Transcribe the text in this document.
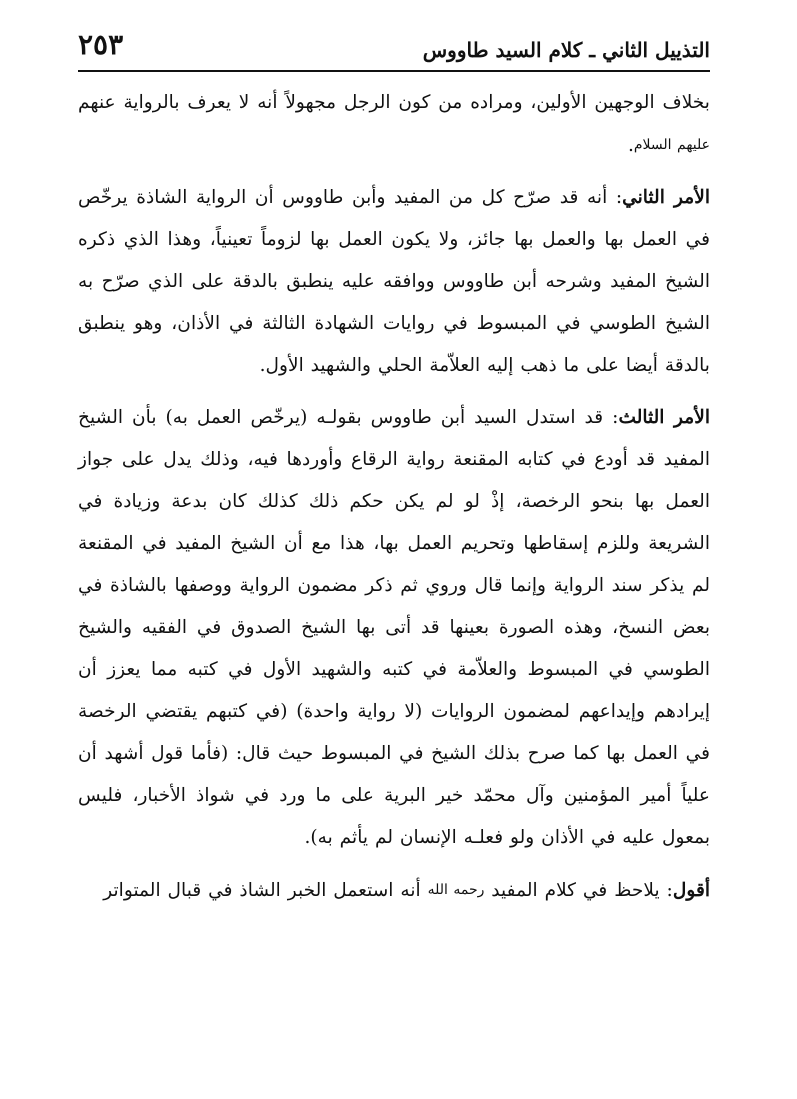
التذييل الثاني ـ كلام السيد طاووس
٢٥٣

بخلاف الوجهين الأولين، ومراده من كون الرجل مجهولاً أنه لا يعرف بالرواية عنهم عليهم السلام.

الأمر الثاني: أنه قد صرّح كل من المفيد وأبن طاووس أن الرواية الشاذة يرخّص في العمل بها والعمل بها جائز، ولا يكون العمل بها لزوماً تعينياً، وهذا الذي ذكره الشيخ المفيد وشرحه أبن طاووس ووافقه عليه ينطبق بالدقة على الذي صرّح به الشيخ الطوسي في المبسوط في روايات الشهادة الثالثة في الأذان، وهو ينطبق بالدقة أيضا على ما ذهب إليه العلاّمة الحلي والشهيد الأول.

الأمر الثالث: قد استدل السيد أبن طاووس بقولـه (يرخّص العمل به) بأن الشيخ المفيد قد أودع في كتابه المقنعة رواية الرقاع وأوردها فيه، وذلك يدل على جواز العمل بها بنحو الرخصة، إذْ لو لم يكن حكم ذلك كذلك كان بدعة وزيادة في الشريعة وللزم إسقاطها وتحريم العمل بها، هذا مع أن الشيخ المفيد في المقنعة لم يذكر سند الرواية وإنما قال وروي ثم ذكر مضمون الرواية ووصفها بالشاذة في بعض النسخ، وهذه الصورة بعينها قد أتى بها الشيخ الصدوق في الفقيه والشيخ الطوسي في المبسوط والعلاّمة في كتبه والشهيد الأول في كتبه مما يعزز أن إيرادهم وإيداعهم لمضمون الروايات (لا رواية واحدة) (في كتبهم يقتضي الرخصة في العمل بها كما صرح بذلك الشيخ في المبسوط حيث قال: (فأما قول أشهد أن علياً أمير المؤمنين وآل محمّد خير البرية على ما ورد في شواذ الأخبار، فليس بمعول عليه في الأذان ولو فعلـه الإنسان لم يأثم به).

أقول: يلاحظ في كلام المفيد رحمه الله أنه استعمل الخبر الشاذ في قبال المتواتر
